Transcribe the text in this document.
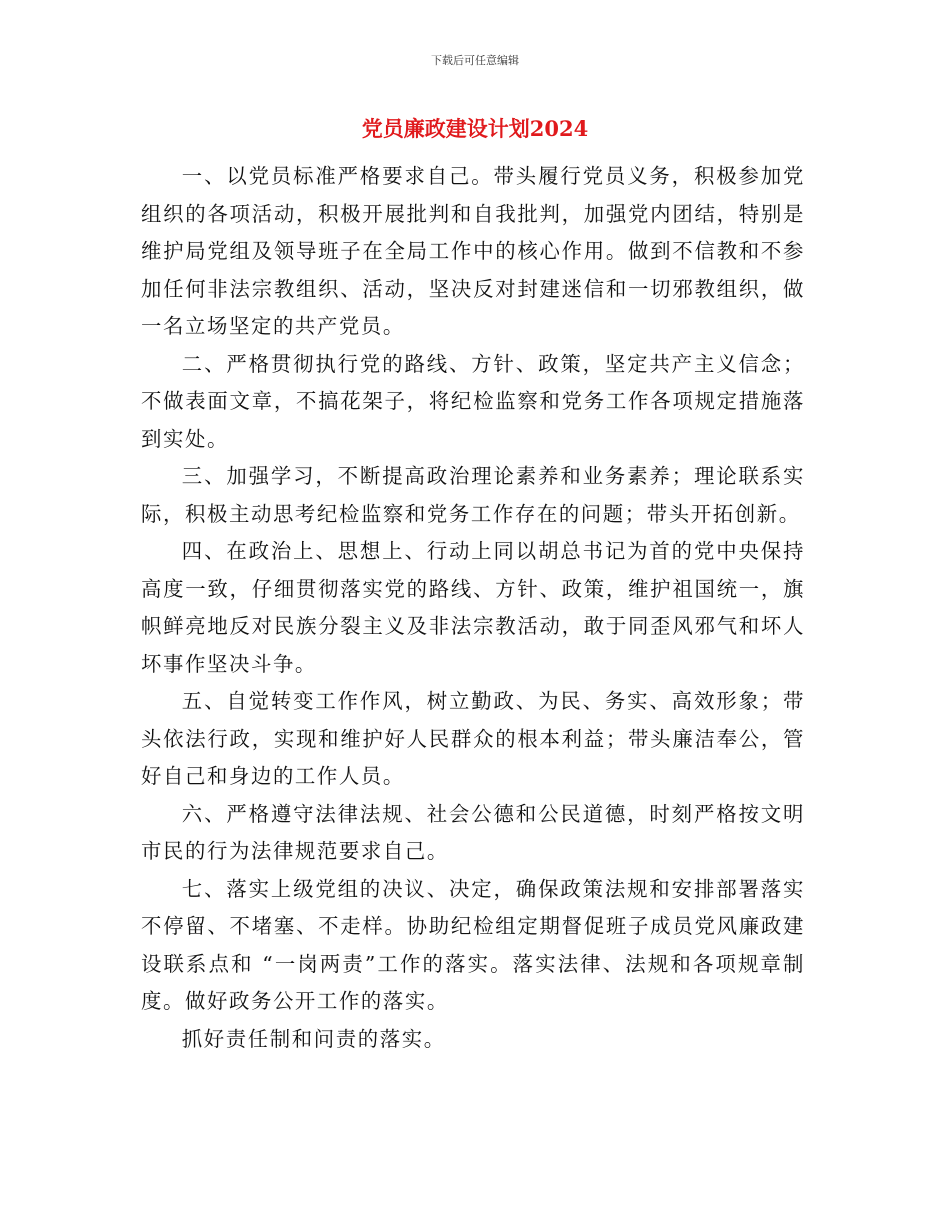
下载后可任意编辑
党员廉政建设计划2024

一、以党员标准严格要求自己。带头履行党员义务，积极参加党组织的各项活动，积极开展批判和自我批判，加强党内团结，特别是维护局党组及领导班子在全局工作中的核心作用。做到不信教和不参加任何非法宗教组织、活动，坚决反对封建迷信和一切邪教组织，做一名立场坚定的共产党员。

二、严格贯彻执行党的路线、方针、政策，坚定共产主义信念；不做表面文章，不搞花架子，将纪检监察和党务工作各项规定措施落到实处。

三、加强学习，不断提高政治理论素养和业务素养；理论联系实际，积极主动思考纪检监察和党务工作存在的问题；带头开拓创新。

四、在政治上、思想上、行动上同以胡总书记为首的党中央保持高度一致，仔细贯彻落实党的路线、方针、政策，维护祖国统一，旗帜鲜亮地反对民族分裂主义及非法宗教活动，敢于同歪风邪气和坏人坏事作坚决斗争。

五、自觉转变工作作风，树立勤政、为民、务实、高效形象；带头依法行政，实现和维护好人民群众的根本利益；带头廉洁奉公，管好自己和身边的工作人员。

六、严格遵守法律法规、社会公德和公民道德，时刻严格按文明市民的行为法律规范要求自己。

七、落实上级党组的决议、决定，确保政策法规和安排部署落实不停留、不堵塞、不走样。协助纪检组定期督促班子成员党风廉政建设联系点和 “一岗两责”工作的落实。落实法律、法规和各项规章制度。做好政务公开工作的落实。

抓好责任制和问责的落实。
